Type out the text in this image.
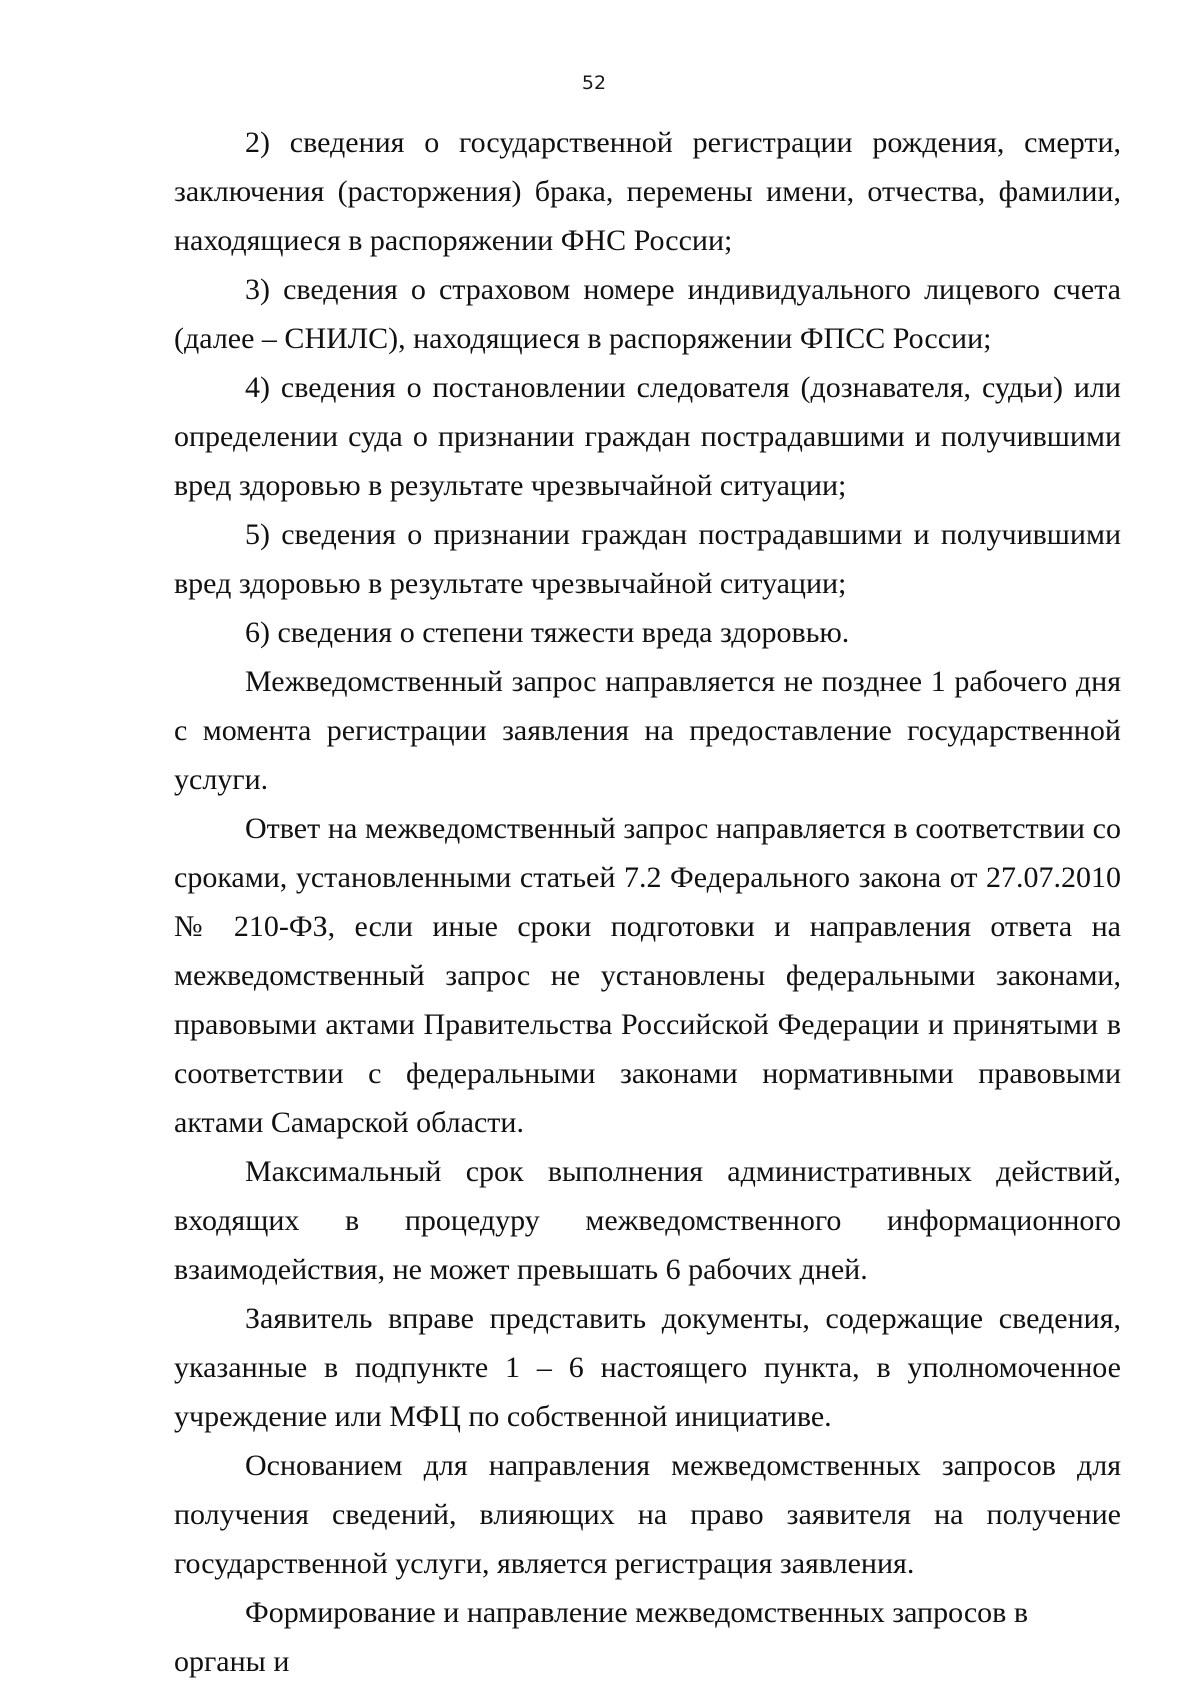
52

2) сведения о государственной регистрации рождения, смерти, заключения (расторжения) брака, перемены имени, отчества, фамилии, находящиеся в распоряжении ФНС России;

3) сведения о страховом номере индивидуального лицевого счета (далее – СНИЛС), находящиеся в распоряжении ФПСС России;

4) сведения о постановлении следователя (дознавателя, судьи) или определении суда о признании граждан пострадавшими и получившими вред здоровью в результате чрезвычайной ситуации;

5) сведения о признании граждан пострадавшими и получившими вред здоровью в результате чрезвычайной ситуации;

6) сведения о степени тяжести вреда здоровью.

Межведомственный запрос направляется не позднее 1 рабочего дня с момента регистрации заявления на предоставление государственной услуги.

Ответ на межведомственный запрос направляется в соответствии со сроками, установленными статьей 7.2 Федерального закона от 27.07.2010 № 210-ФЗ, если иные сроки подготовки и направления ответа на межведомственный запрос не установлены федеральными законами, правовыми актами Правительства Российской Федерации и принятыми в соответствии с федеральными законами нормативными правовыми актами Самарской области.

Максимальный срок выполнения административных действий, входящих в процедуру межведомственного информационного взаимодействия, не может превышать 6 рабочих дней.

Заявитель вправе представить документы, содержащие сведения, указанные в подпункте 1 – 6 настоящего пункта, в уполномоченное учреждение или МФЦ по собственной инициативе.

Основанием для направления межведомственных запросов для получения сведений, влияющих на право заявителя на получение государственной услуги, является регистрация заявления.

Формирование и направление межведомственных запросов в органы и
